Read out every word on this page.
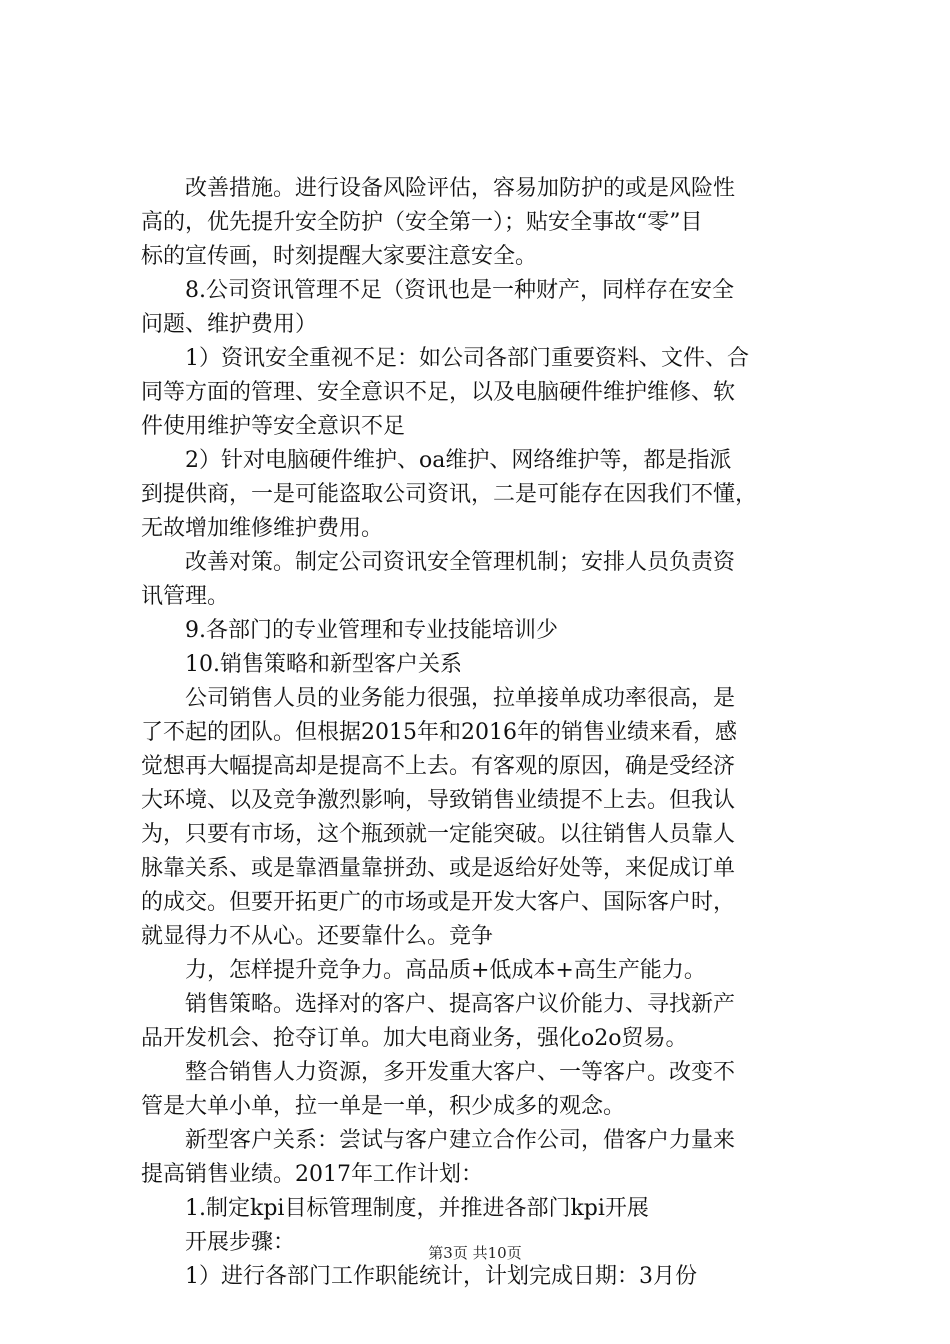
　　改善措施。进行设备风险评估，容易加防护的或是风险性
高的，优先提升安全防护（安全第一）；贴安全事故“零”目
标的宣传画，时刻提醒大家要注意安全。
　　8.公司资讯管理不足（资讯也是一种财产，同样存在安全
问题、维护费用）
　　1）资讯安全重视不足：如公司各部门重要资料、文件、合
同等方面的管理、安全意识不足，以及电脑硬件维护维修、软
件使用维护等安全意识不足
　　2）针对电脑硬件维护、oa维护、网络维护等，都是指派
到提供商，一是可能盗取公司资讯，二是可能存在因我们不懂，
无故增加维修维护费用。
　　改善对策。制定公司资讯安全管理机制；安排人员负责资
讯管理。
　　9.各部门的专业管理和专业技能培训少
　　10.销售策略和新型客户关系
　　公司销售人员的业务能力很强，拉单接单成功率很高，是
了不起的团队。但根据2015年和2016年的销售业绩来看，感
觉想再大幅提高却是提高不上去。有客观的原因，确是受经济
大环境、以及竞争激烈影响，导致销售业绩提不上去。但我认
为，只要有市场，这个瓶颈就一定能突破。以往销售人员靠人
脉靠关系、或是靠酒量靠拼劲、或是返给好处等，来促成订单
的成交。但要开拓更广的市场或是开发大客户、国际客户时，
就显得力不从心。还要靠什么。竞争
　　力，怎样提升竞争力。高品质+低成本+高生产能力。
　　销售策略。选择对的客户、提高客户议价能力、寻找新产
品开发机会、抢夺订单。加大电商业务，强化o2o贸易。
　　整合销售人力资源，多开发重大客户、一等客户。改变不
管是大单小单，拉一单是一单，积少成多的观念。
　　新型客户关系：尝试与客户建立合作公司，借客户力量来
提高销售业绩。2017年工作计划：
　　1.制定kpi目标管理制度，并推进各部门kpi开展
　　开展步骤：
　　1）进行各部门工作职能统计，计划完成日期：3月份
第3页 共10页
